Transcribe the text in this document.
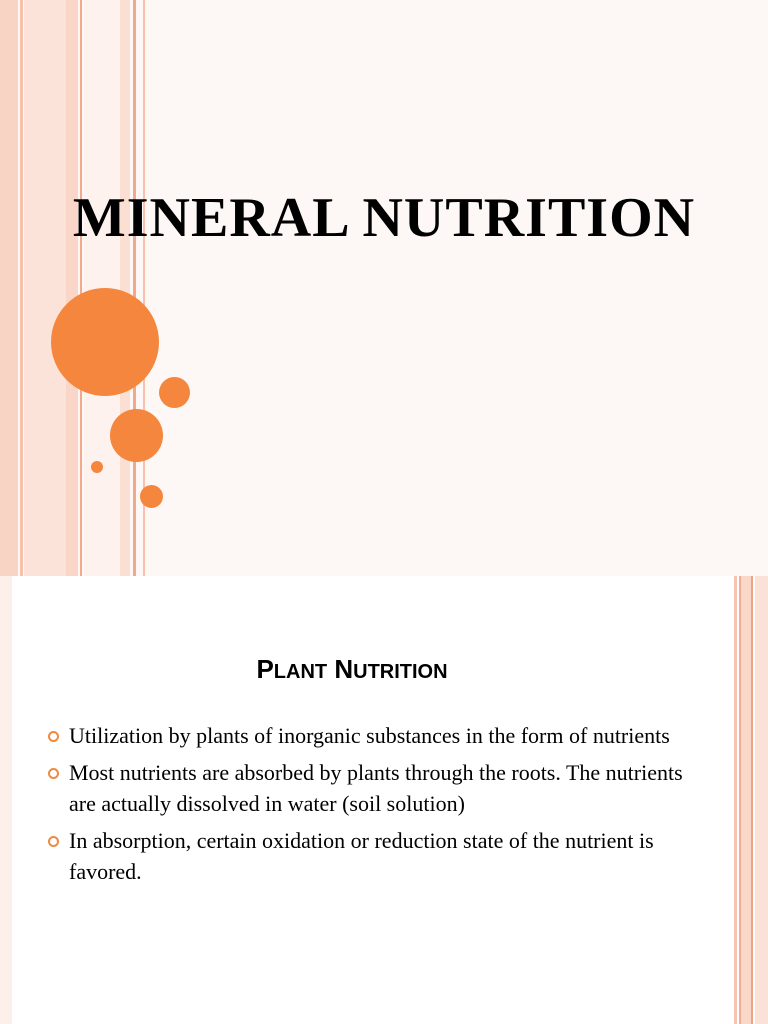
MINERAL NUTRITION
PLANT NUTRITION
Utilization by plants of inorganic substances in the form of nutrients
Most nutrients are absorbed by plants through the roots. The nutrients are actually dissolved in water (soil solution)
In absorption, certain oxidation or reduction state of the nutrient is favored.
